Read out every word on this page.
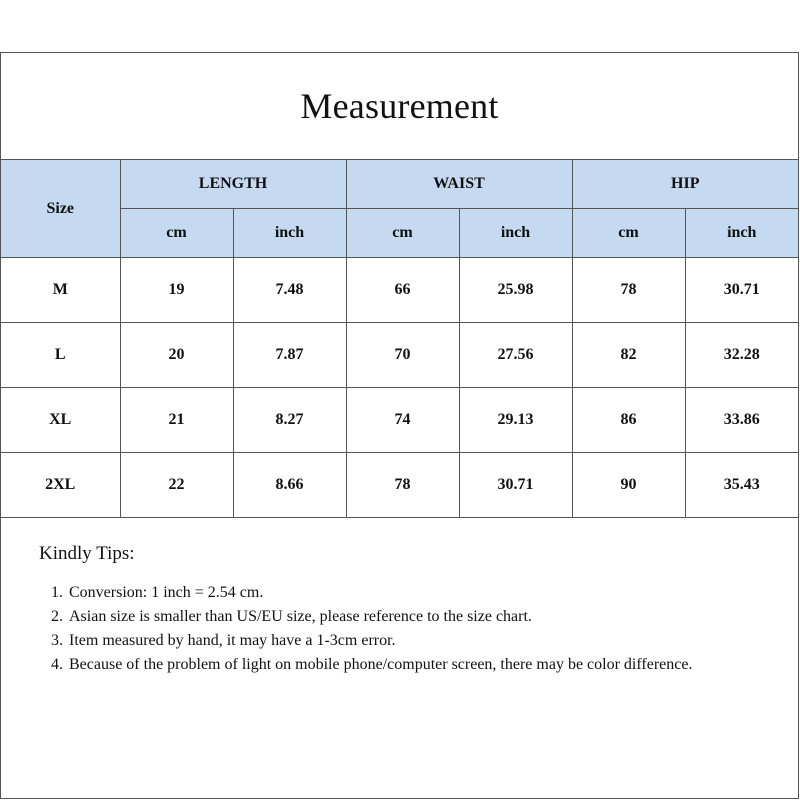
Measurement
Size	LENGTH		WAIST		HIP	
	cm	inch	cm	inch	cm	inch
M	19	7.48	66	25.98	78	30.71
L	20	7.87	70	27.56	82	32.28
XL	21	8.27	74	29.13	86	33.86
2XL	22	8.66	78	30.71	90	35.43
Kindly Tips:
1. Conversion: 1 inch = 2.54 cm.
2. Asian size is smaller than US/EU size, please reference to the size chart.
3. Item measured by hand, it may have a 1-3cm error.
4. Because of the problem of light on mobile phone/computer screen, there may be color difference.
